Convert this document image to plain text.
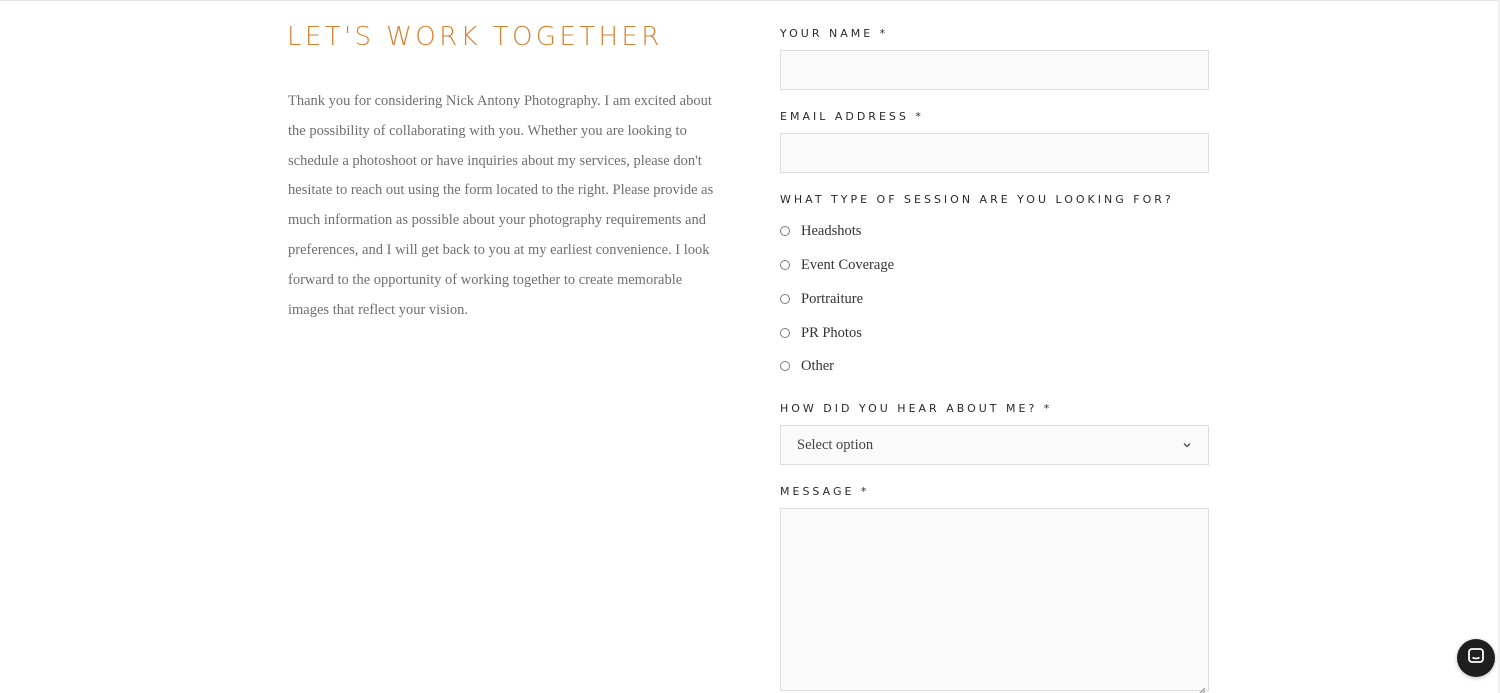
LET'S WORK TOGETHER

Thank you for considering Nick Antony Photography. I am excited about the possibility of collaborating with you. Whether you are looking to schedule a photoshoot or have inquiries about my services, please don't hesitate to reach out using the form located to the right. Please provide as much information as possible about your photography requirements and preferences, and I will get back to you at my earliest convenience. I look forward to the opportunity of working together to create memorable images that reflect your vision.

YOUR NAME *
EMAIL ADDRESS *
WHAT TYPE OF SESSION ARE YOU LOOKING FOR?
Headshots
Event Coverage
Portraiture
PR Photos
Other
HOW DID YOU HEAR ABOUT ME? *
Select option
MESSAGE *
